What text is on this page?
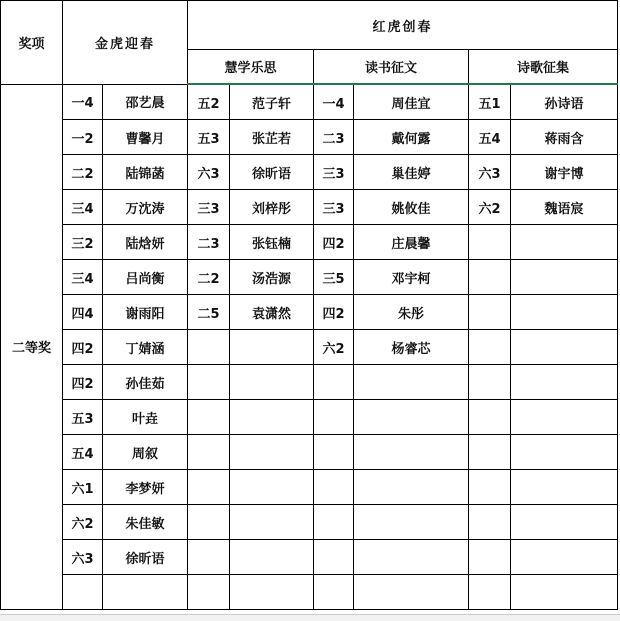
奖项	金虎迎春		红虎创春					
			慧学乐思		读书征文		诗歌征集	
二等奖	一4	邵艺晨	五2	范子轩	一4	周佳宜	五1	孙诗语
	一2	曹馨月	五3	张芷若	二3	戴何露	五4	蒋雨含
	二2	陆锦菡	六3	徐昕语	三3	巢佳婷	六3	谢宇博
	三4	万沈涛	三3	刘梓彤	三3	姚攸佳	六2	魏语宸
	三2	陆焓妍	二3	张钰楠	四2	庄晨馨		
	三4	吕尚衡	二2	汤浩源	三5	邓宇柯		
	四4	谢雨阳	二5	袁潇然	四2	朱彤		
	四2	丁婧涵			六2	杨睿芯		
	四2	孙佳茹						
	五3	叶垚						
	五4	周叙						
	六1	李梦妍						
	六2	朱佳敏						
	六3	徐昕语						
